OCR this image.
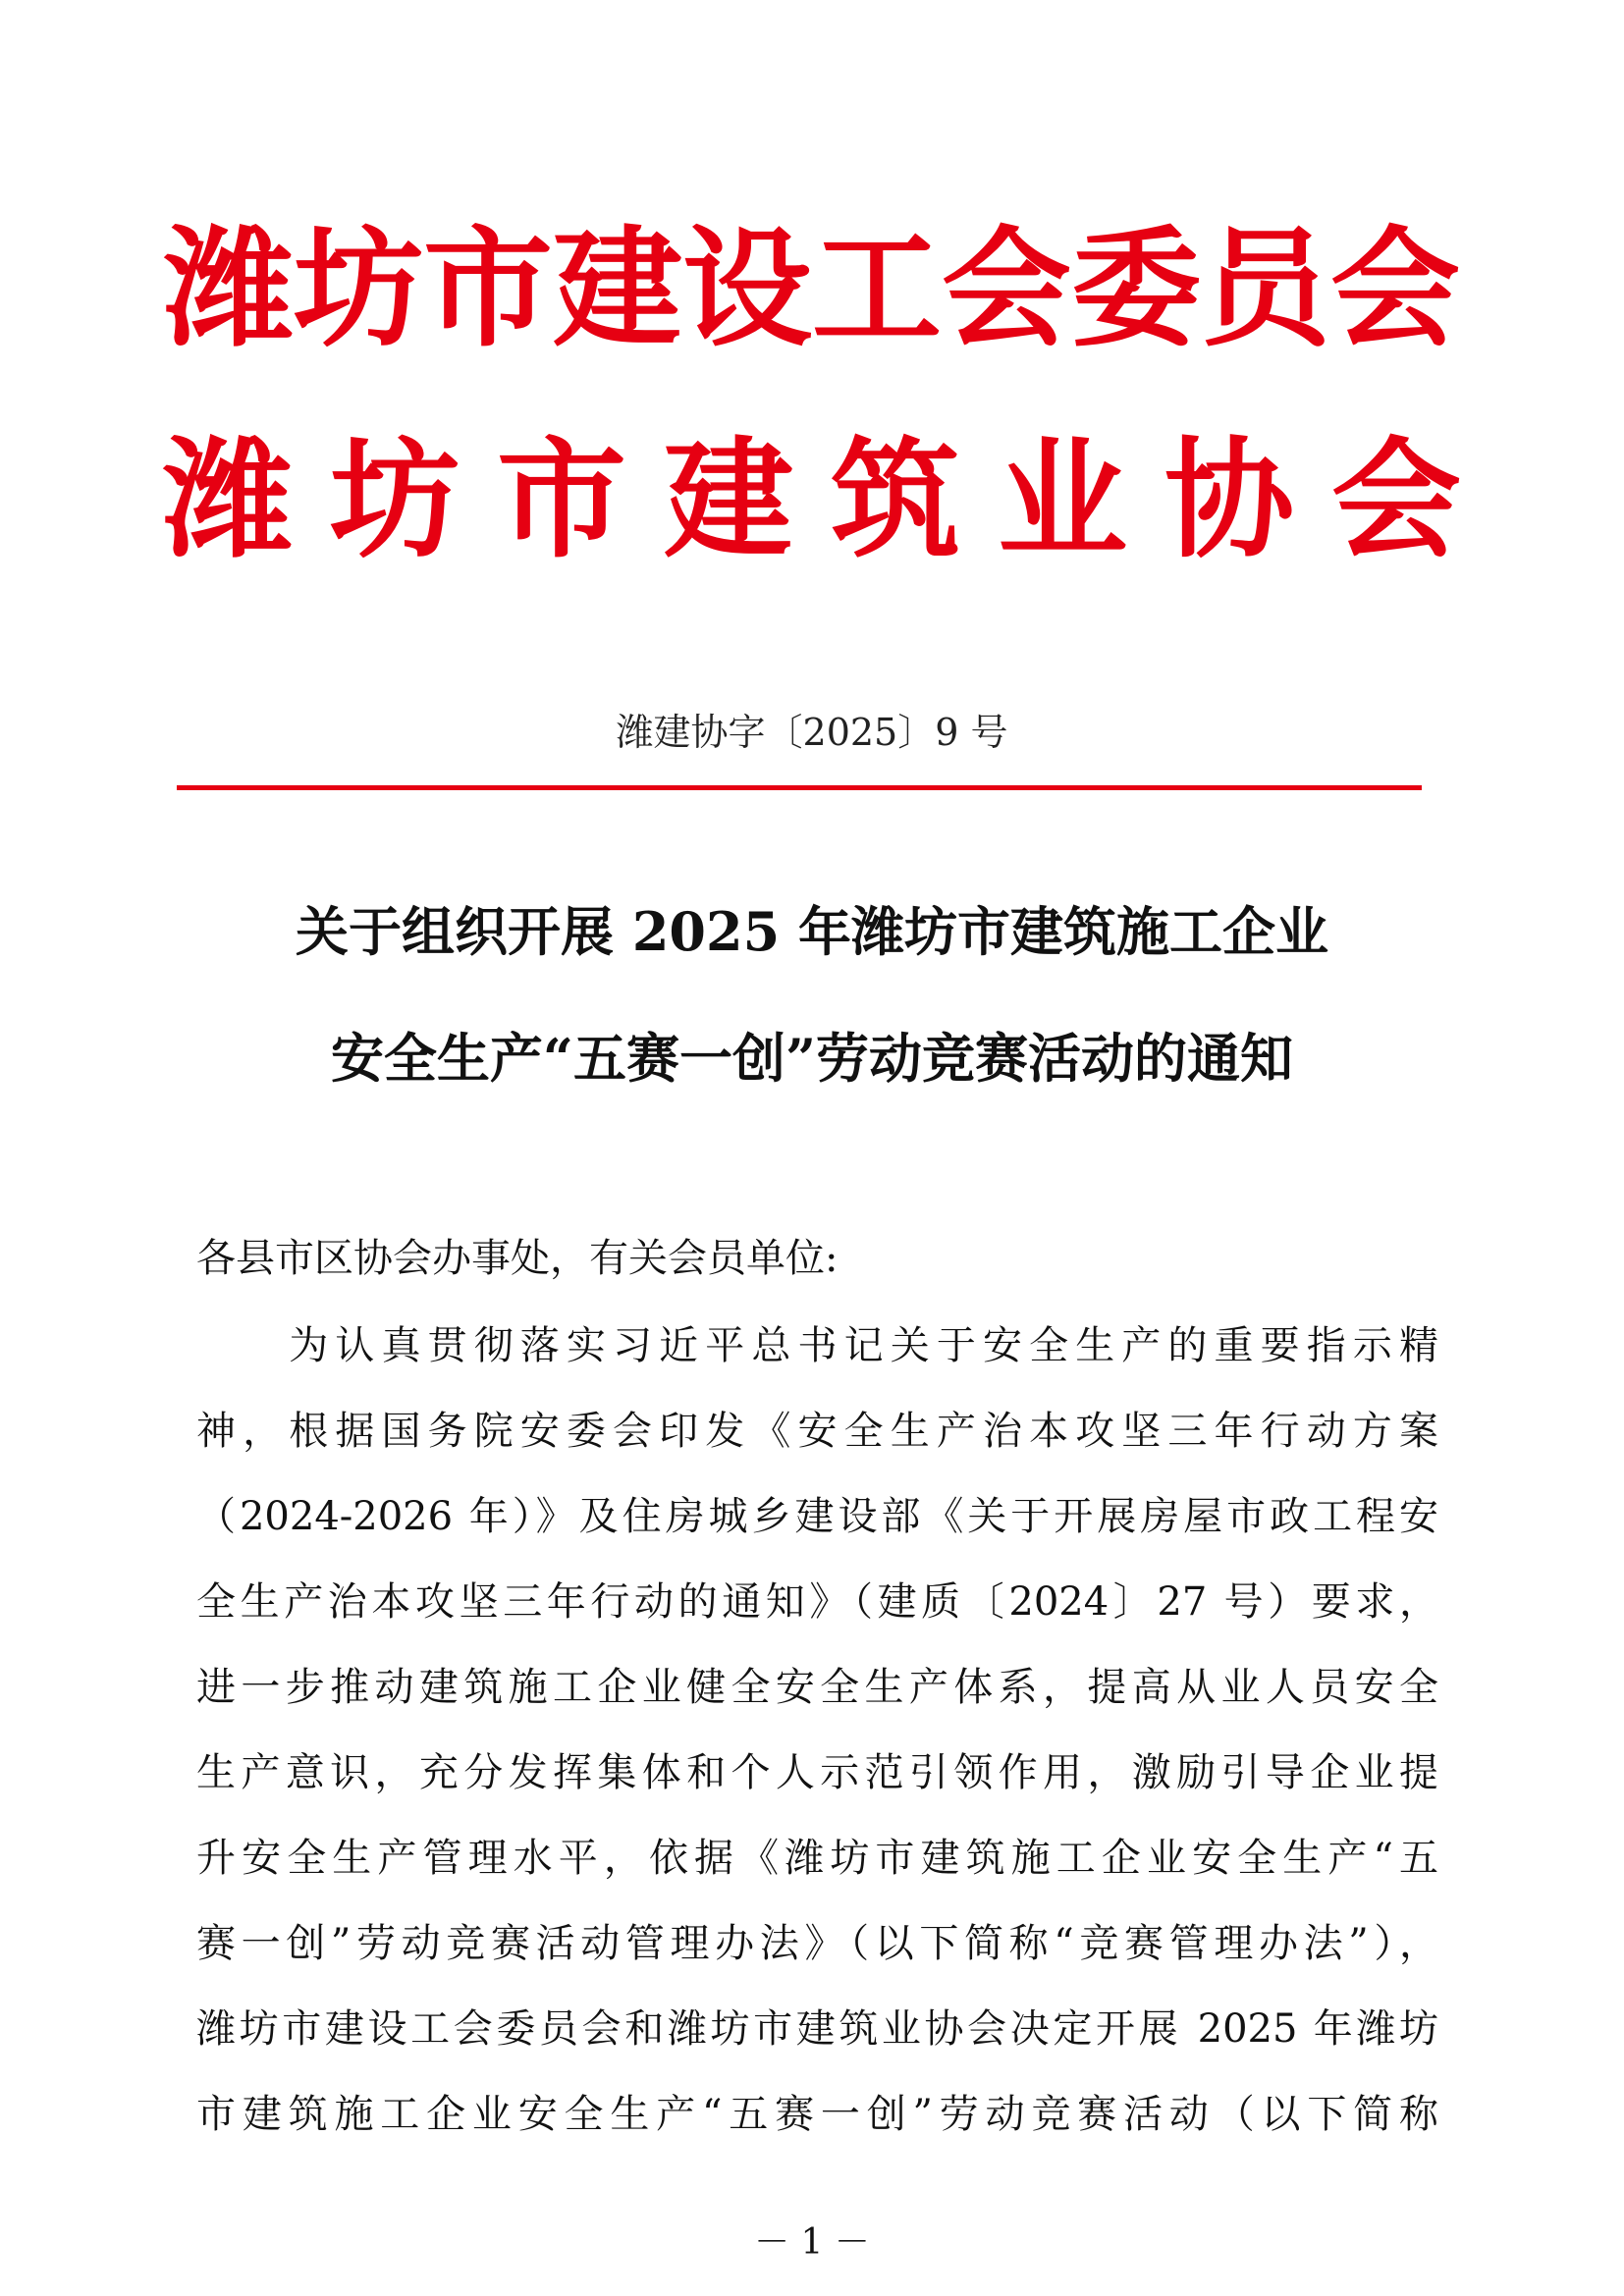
潍坊市建设工会委员会
潍坊市建筑业协会
潍建协字〔2025〕9 号
关于组织开展 2025 年潍坊市建筑施工企业
安全生产“五赛一创”劳动竞赛活动的通知
各县市区协会办事处，有关会员单位:
　　为认真贯彻落实习近平总书记关于安全生产的重要指示精
神，根据国务院安委会印发《安全生产治本攻坚三年行动方案
（2024-2026 年）》及住房城乡建设部《关于开展房屋市政工程安
全生产治本攻坚三年行动的通知》（建质〔2024〕27 号）要求，
进一步推动建筑施工企业健全安全生产体系，提高从业人员安全
生产意识，充分发挥集体和个人示范引领作用，激励引导企业提
升安全生产管理水平，依据《潍坊市建筑施工企业安全生产“五
赛一创”劳动竞赛活动管理办法》（以下简称“竞赛管理办法”），
潍坊市建设工会委员会和潍坊市建筑业协会决定开展 2025 年潍坊
市建筑施工企业安全生产“五赛一创”劳动竞赛活动（以下简称
－ 1 －
